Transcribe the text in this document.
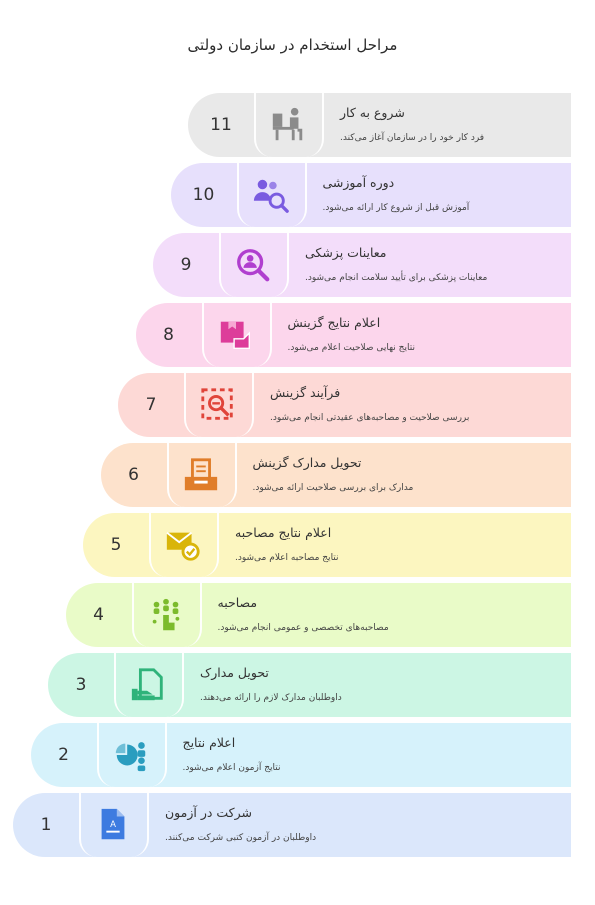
مراحل استخدام در سازمان دولتی
1	A
شرکت در آزمون
داوطلبان در آزمون کتبی شرکت می‌کنند.
2
اعلام نتایج
نتایج آزمون اعلام می‌شود.
3
تحویل مدارک
داوطلبان مدارک لازم را ارائه می‌دهند.
4
مصاحبه
مصاحبه‌های تخصصی و عمومی انجام می‌شود.
5
اعلام نتایج مصاحبه
نتایج مصاحبه اعلام می‌شود.
6
تحویل مدارک گزینش
مدارک برای بررسی صلاحیت ارائه می‌شود.
7
فرآیند گزینش
بررسی صلاحیت و مصاحبه‌های عقیدتی انجام می‌شود.
8
اعلام نتایج گزینش
نتایج نهایی صلاحیت اعلام می‌شود.
9
معاینات پزشکی
معاینات پزشکی برای تأیید سلامت انجام می‌شود.
10
دوره آموزشی
آموزش قبل از شروع کار ارائه می‌شود.
11
شروع به کار
فرد کار خود را در سازمان آغاز می‌کند.
